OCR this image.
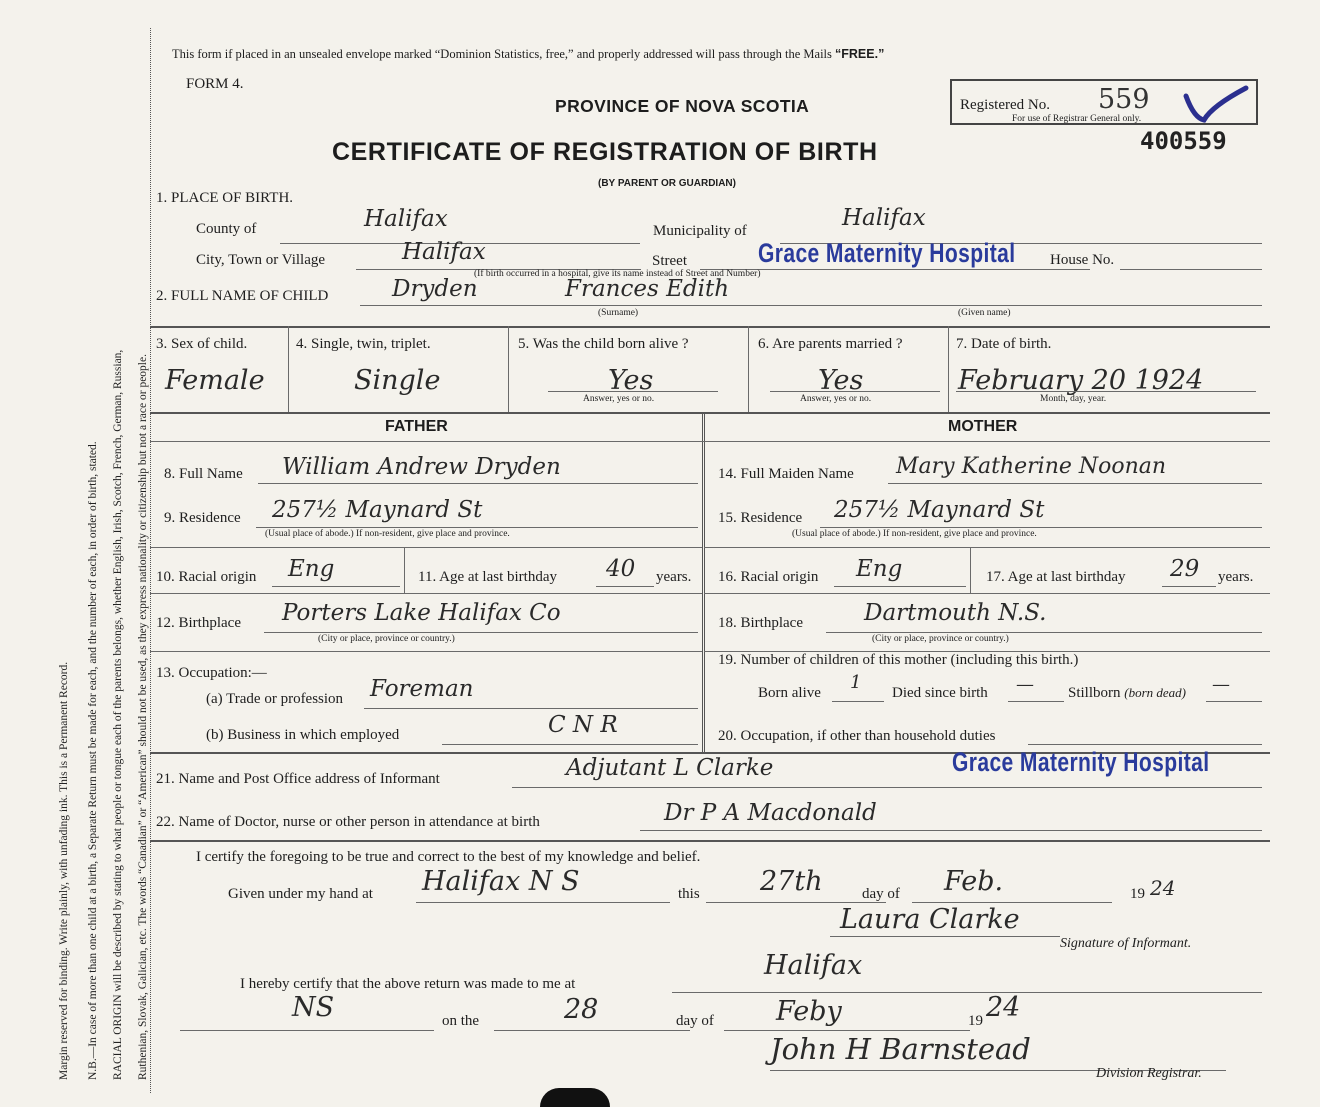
Margin reserved for binding. Write plainly, with unfading ink. This is a Permanent Record. N.B.—In case of more than one child at a birth, a Separate Return must be made for each, and the number of each, in order of birth, stated. RACIAL ORIGIN will be described by stating to what people or tongue each of the parents belongs, whether English, Irish, Scotch, French, German, Russian, Ruthenian, Slovak, Galician, etc. The words “Canadian” or “American” should not be used, as they express nationality or citizenship but not a race or people.
This form if placed in an unsealed envelope marked “Dominion Statistics, free,” and properly addressed will pass through the Mails “FREE.”
FORM 4.
PROVINCE OF NOVA SCOTIA
CERTIFICATE OF REGISTRATION OF BIRTH
(BY PARENT OR GUARDIAN)
Registered No. 559
For use of Registrar General only.
400559
1. PLACE OF BIRTH.
County of	Halifax	Municipality of	Halifax
City, Town or Village	Halifax	Street	Grace Maternity Hospital House No.
(If birth occurred in a hospital, give its name instead of Street and Number)
2. FULL NAME OF CHILD	Dryden	Frances Edith
(Surname)	(Given name)
3. Sex of child.
Female
4. Single, twin, triplet.
Single
5. Was the child born alive ?
Yes
Answer, yes or no.
6. Are parents married ?
Yes
Answer, yes or no.
7. Date of birth.
February 20 1924
Month, day, year.
FATHER	MOTHER
8. Full Name William Andrew Dryden
9. Residence 257½ Maynard St
(Usual place of abode.) If non-resident, give place and province.
10. Racial origin Eng	11. Age at last birthday 40 years.
12. Birthplace Porters Lake Halifax Co
(City or place, province or country.)
13. Occupation:—
(a) Trade or profession Foreman
(b) Business in which employed	C N R
14. Full Maiden Name Mary Katherine Noonan
15. Residence 257½ Maynard St
(Usual place of abode.) If non-resident, give place and province.
16. Racial origin Eng	17. Age at last birthday 29 years.
18. Birthplace	Dartmouth N.S.
(City or place, province or country.)
19. Number of children of this mother (including this birth.)
Born alive 1 Died since birth — Stillborn (born dead) —
20. Occupation, if other than household duties
21. Name and Post Office address of Informant	Adjutant L Clarke	Grace Maternity Hospital
22. Name of Doctor, nurse or other person in attendance at birth	Dr P A Macdonald
I certify the foregoing to be true and correct to the best of my knowledge and belief.
Given under my hand at Halifax N S	this 27th	day of Feb.	19 24
Laura Clarke
Signature of Informant.
I hereby certify that the above return was made to me at
Halifax
NS	on the	28	day of Feby	19 24
John H Barnstead
Division Registrar.
